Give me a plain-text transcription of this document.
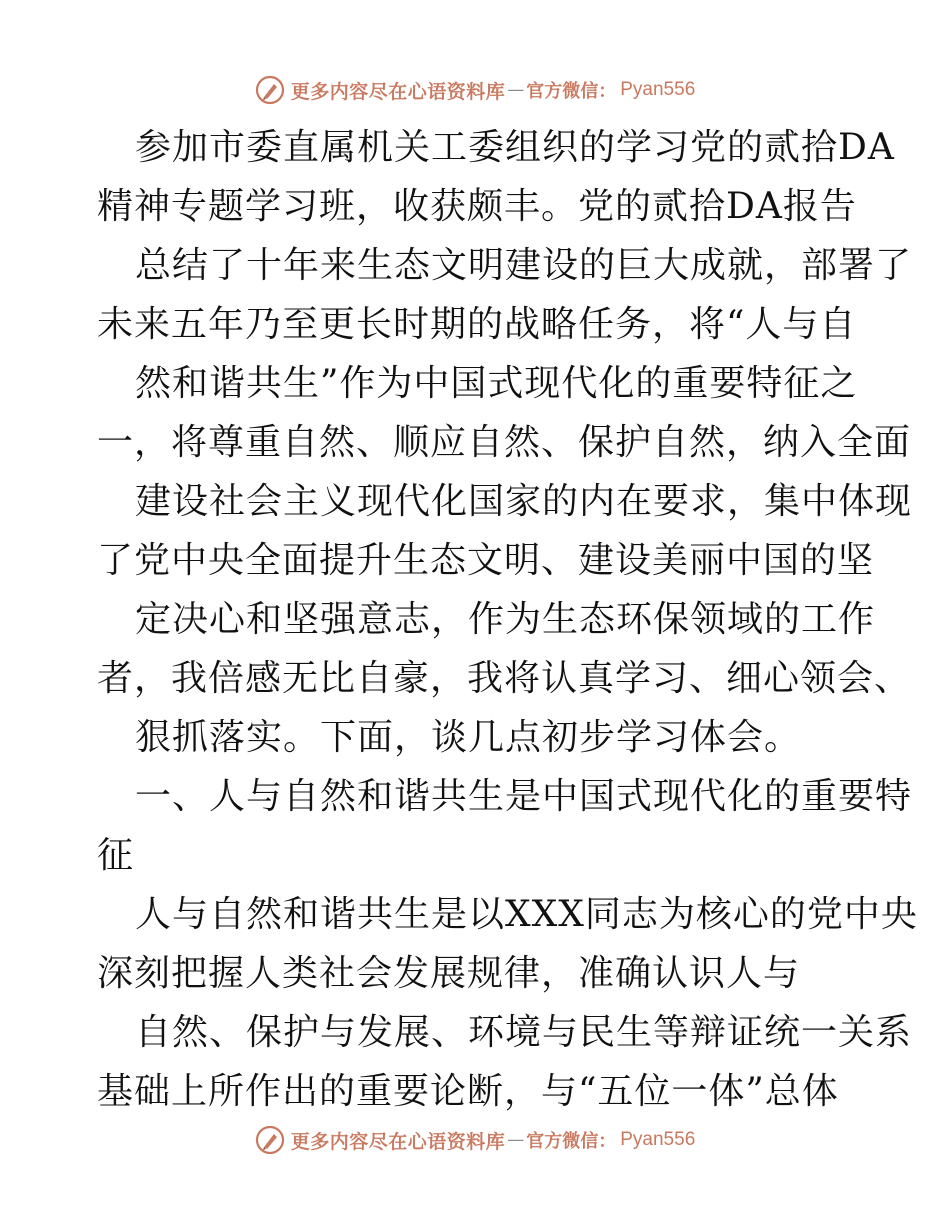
更多内容尽在心语资料库 — 官方微信： Pyan556
参加市委直属机关工委组织的学习党的贰拾DA
精神专题学习班，收获颇丰。党的贰拾DA报告
总结了十年来生态文明建设的巨大成就，部署了
未来五年乃至更长时期的战略任务，将“人与自
然和谐共生”作为中国式现代化的重要特征之
一，将尊重自然、顺应自然、保护自然，纳入全面
建设社会主义现代化国家的内在要求，集中体现
了党中央全面提升生态文明、建设美丽中国的坚
定决心和坚强意志，作为生态环保领域的工作
者，我倍感无比自豪，我将认真学习、细心领会、
狠抓落实。下面，谈几点初步学习体会。
一、人与自然和谐共生是中国式现代化的重要特
征
人与自然和谐共生是以XXX同志为核心的党中央
深刻把握人类社会发展规律，准确认识人与
自然、保护与发展、环境与民生等辩证统一关系
基础上所作出的重要论断，与“五位一体”总体
更多内容尽在心语资料库 — 官方微信： Pyan556
